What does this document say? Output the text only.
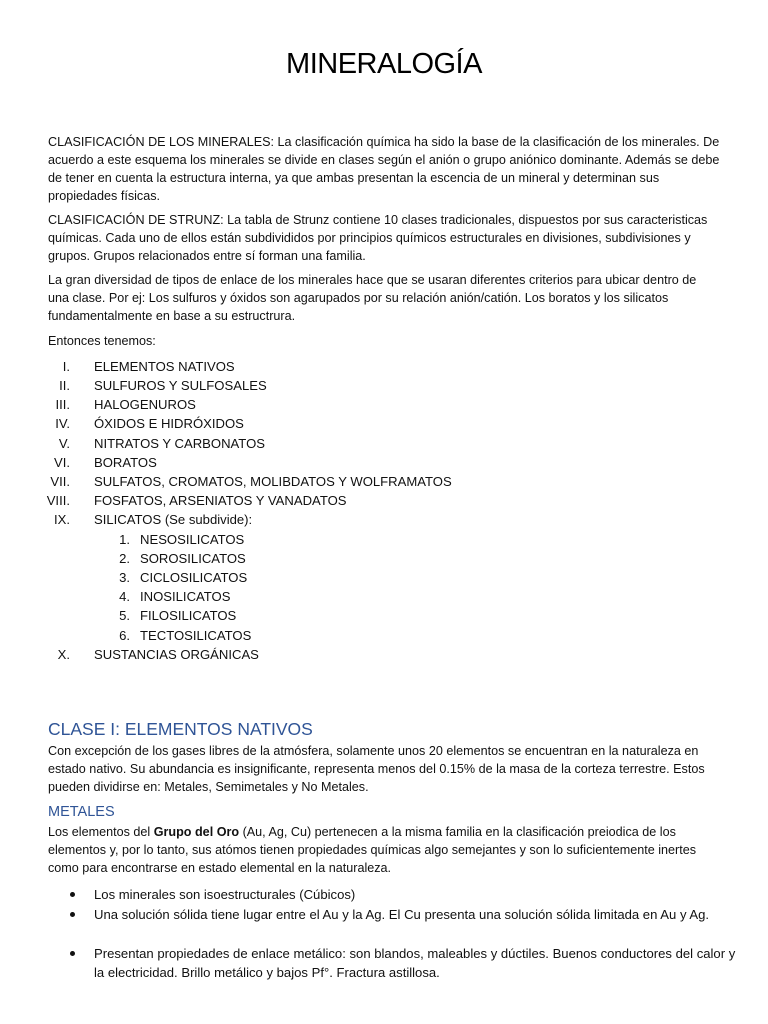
MINERALOGÍA
CLASIFICACIÓN DE LOS MINERALES: La clasificación química ha sido la base de la clasificación de los minerales. De acuerdo a este esquema los minerales se divide en clases según el anión o grupo aniónico dominante. Además se debe de tener en cuenta la estructura interna, ya que ambas presentan la escencia de un mineral y determinan sus propiedades físicas.
CLASIFICACIÓN DE STRUNZ: La tabla de Strunz contiene 10 clases tradicionales, dispuestos por sus caracteristicas químicas. Cada uno de ellos están subdivididos por principios químicos estructurales en divisiones, subdivisiones y grupos. Grupos relacionados entre sí forman una familia.
La gran diversidad de tipos de enlace de los minerales hace que se usaran diferentes criterios para ubicar dentro de una clase. Por ej: Los sulfuros y óxidos son agarupados por su relación anión/catión. Los boratos y los silicatos fundamentalmente en base a su estructrura.
Entonces tenemos:
I. ELEMENTOS NATIVOS
II. SULFUROS Y SULFOSALES
III. HALOGENUROS
IV. ÓXIDOS E HIDRÓXIDOS
V. NITRATOS Y CARBONATOS
VI. BORATOS
VII. SULFATOS, CROMATOS, MOLIBDATOS Y WOLFRAMATOS
VIII. FOSFATOS, ARSENIATOS Y VANADATOS
IX. SILICATOS (Se subdivide):
1. NESOSILICATOS
2. SOROSILICATOS
3. CICLOSILICATOS
4. INOSILICATOS
5. FILOSILICATOS
6. TECTOSILICATOS
X. SUSTANCIAS ORGÁNICAS
CLASE I: ELEMENTOS NATIVOS
Con excepción de los gases libres de la atmósfera, solamente unos 20 elementos se encuentran en la naturaleza en estado nativo. Su abundancia es insignificante, representa menos del 0.15% de la masa de la corteza terrestre. Estos pueden dividirse en: Metales, Semimetales y No Metales.
METALES
Los elementos del Grupo del Oro (Au, Ag, Cu) pertenecen a la misma familia en la clasificación preiodica de los elementos y, por lo tanto, sus atómos tienen propiedades químicas algo semejantes y son lo suficientemente inertes como para encontrarse en estado elemental en la naturaleza.
Los minerales son isoestructurales (Cúbicos)
Una solución sólida tiene lugar entre el Au y la Ag. El Cu presenta una solución sólida limitada en Au y Ag.
Presentan propiedades de enlace metálico: son blandos, maleables y dúctiles. Buenos conductores del calor y la electricidad. Brillo metálico y bajos Pf°. Fractura astillosa.
